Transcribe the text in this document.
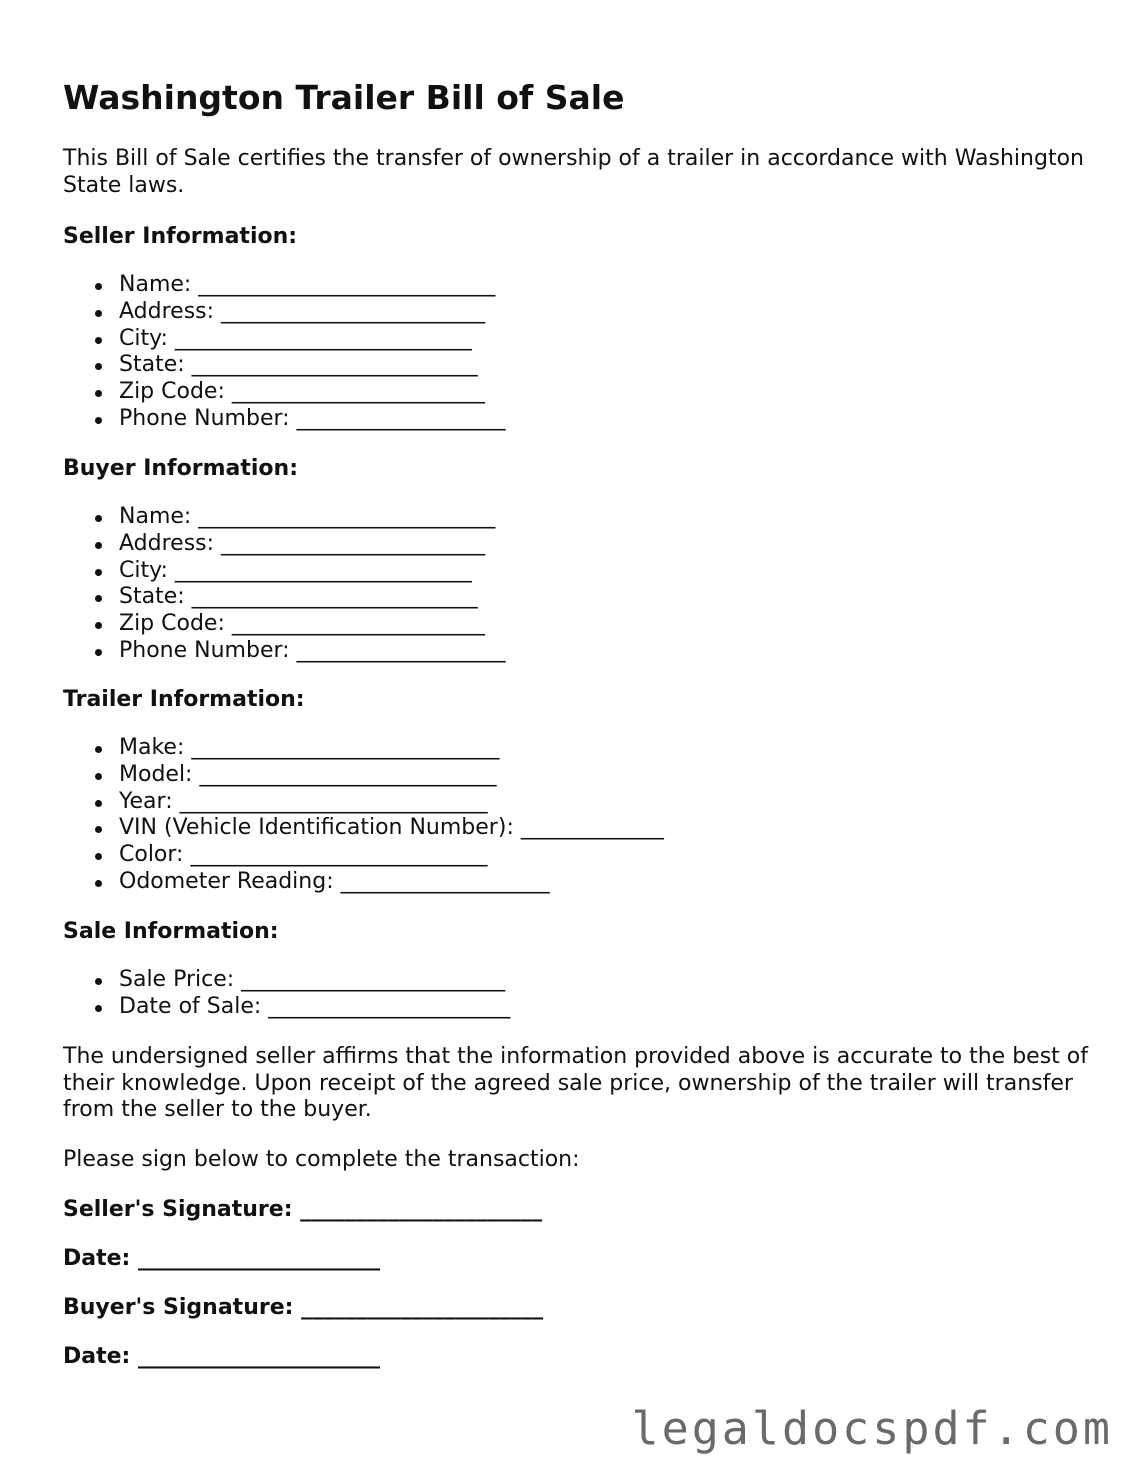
Washington Trailer Bill of Sale

This Bill of Sale certifies the transfer of ownership of a trailer in accordance with Washington State laws.

Seller Information:
Name: ___________________________
Address: ________________________
City: ___________________________
State: __________________________
Zip Code: _______________________
Phone Number: ___________________
Buyer Information:
Name: ___________________________
Address: ________________________
City: ___________________________
State: __________________________
Zip Code: _______________________
Phone Number: ___________________
Trailer Information:
Make: ____________________________
Model: ___________________________
Year: ____________________________
VIN (Vehicle Identification Number): _____________
Color: ___________________________
Odometer Reading: ___________________
Sale Information:
Sale Price: ________________________
Date of Sale: ______________________

The undersigned seller affirms that the information provided above is accurate to the best of their knowledge. Upon receipt of the agreed sale price, ownership of the trailer will transfer from the seller to the buyer.

Please sign below to complete the transaction:

Seller's Signature: ______________________

Date: ______________________

Buyer's Signature: ______________________

Date: ______________________

legaldocspdf.com
